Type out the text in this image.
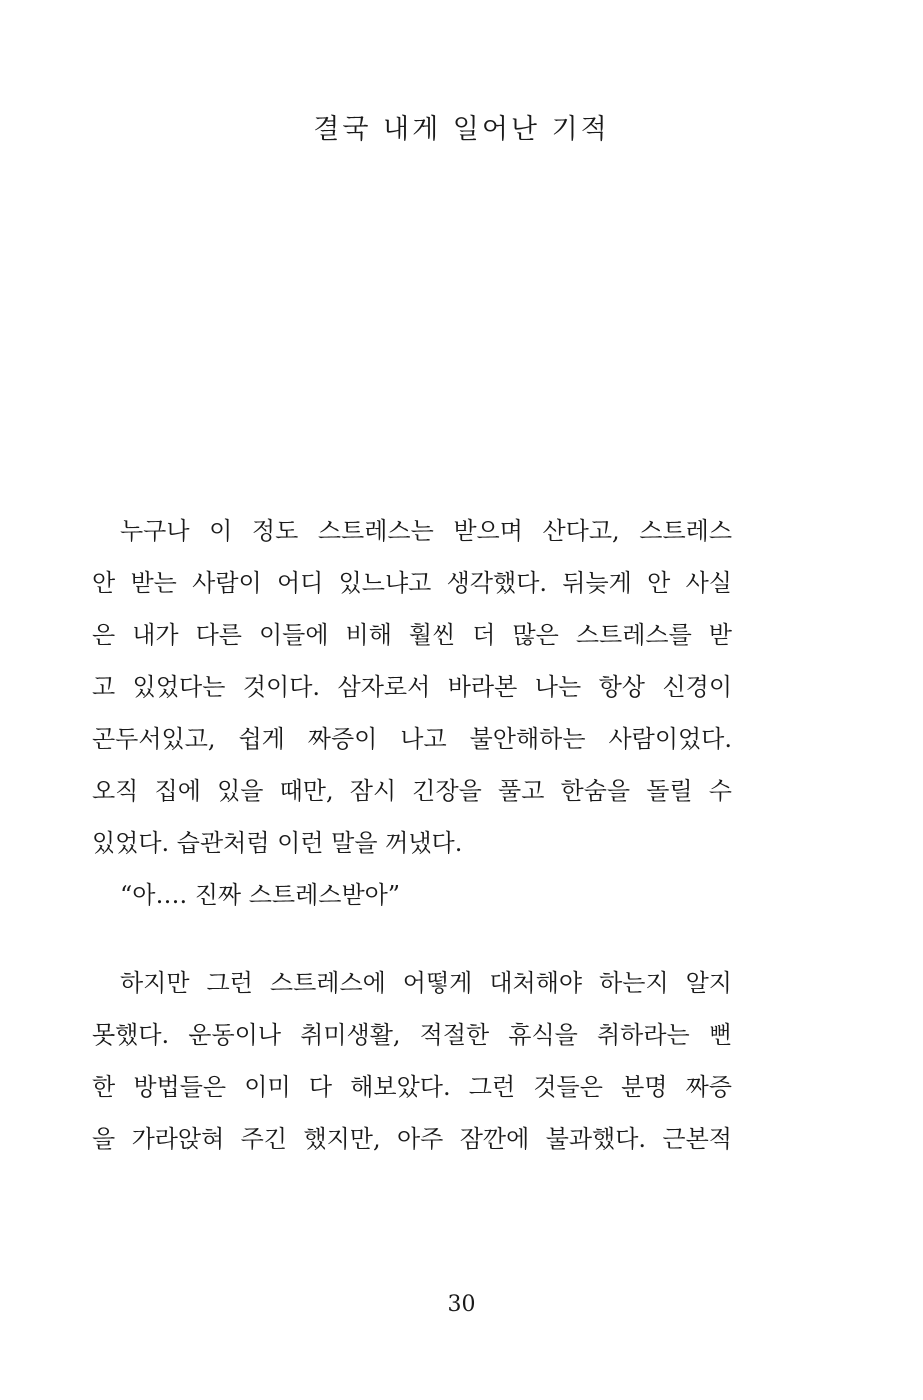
결국 내게 일어난 기적
누구나 이 정도 스트레스는 받으며 산다고, 스트레스
안 받는 사람이 어디 있느냐고 생각했다. 뒤늦게 안 사실
은 내가 다른 이들에 비해 훨씬 더 많은 스트레스를 받
고 있었다는 것이다. 삼자로서 바라본 나는 항상 신경이
곤두서있고, 쉽게 짜증이 나고 불안해하는 사람이었다.
오직 집에 있을 때만, 잠시 긴장을 풀고 한숨을 돌릴 수
있었다. 습관처럼 이런 말을 꺼냈다.
“아…. 진짜 스트레스받아”
하지만 그런 스트레스에 어떻게 대처해야 하는지 알지
못했다. 운동이나 취미생활, 적절한 휴식을 취하라는 뻔
한 방법들은 이미 다 해보았다. 그런 것들은 분명 짜증
을 가라앉혀 주긴 했지만, 아주 잠깐에 불과했다. 근본적
30
